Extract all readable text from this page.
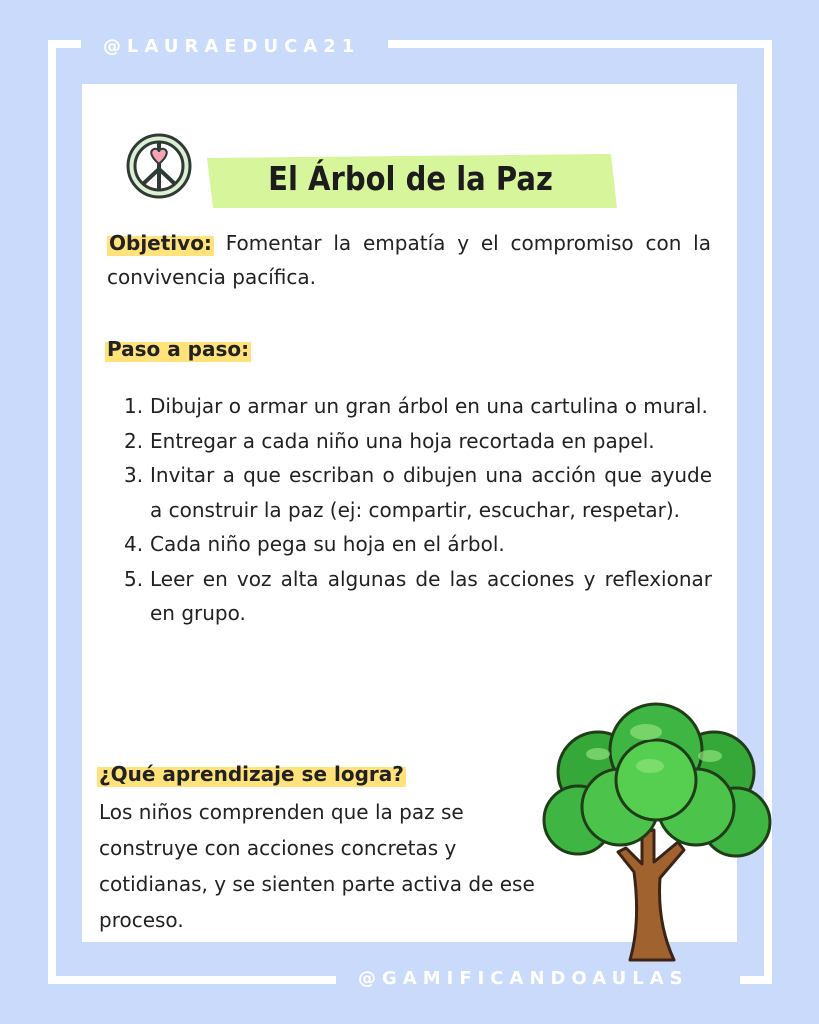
@LAURAEDUCA21
@GAMIFICANDOAULAS
El Árbol de la Paz
Objetivo: Fomentar la empatía y el compromiso con la convivencia pacífica.
Paso a paso:
1. Dibujar o armar un gran árbol en una cartulina o mural.
2. Entregar a cada niño una hoja recortada en papel.
3. Invitar a que escriban o dibujen una acción que ayude a construir la paz (ej: compartir, escuchar, respetar).
4. Cada niño pega su hoja en el árbol.
5. Leer en voz alta algunas de las acciones y reflexionar en grupo.
¿Qué aprendizaje se logra?
Los niños comprenden que la paz se construye con acciones concretas y cotidianas, y se sienten parte activa de ese proceso.
